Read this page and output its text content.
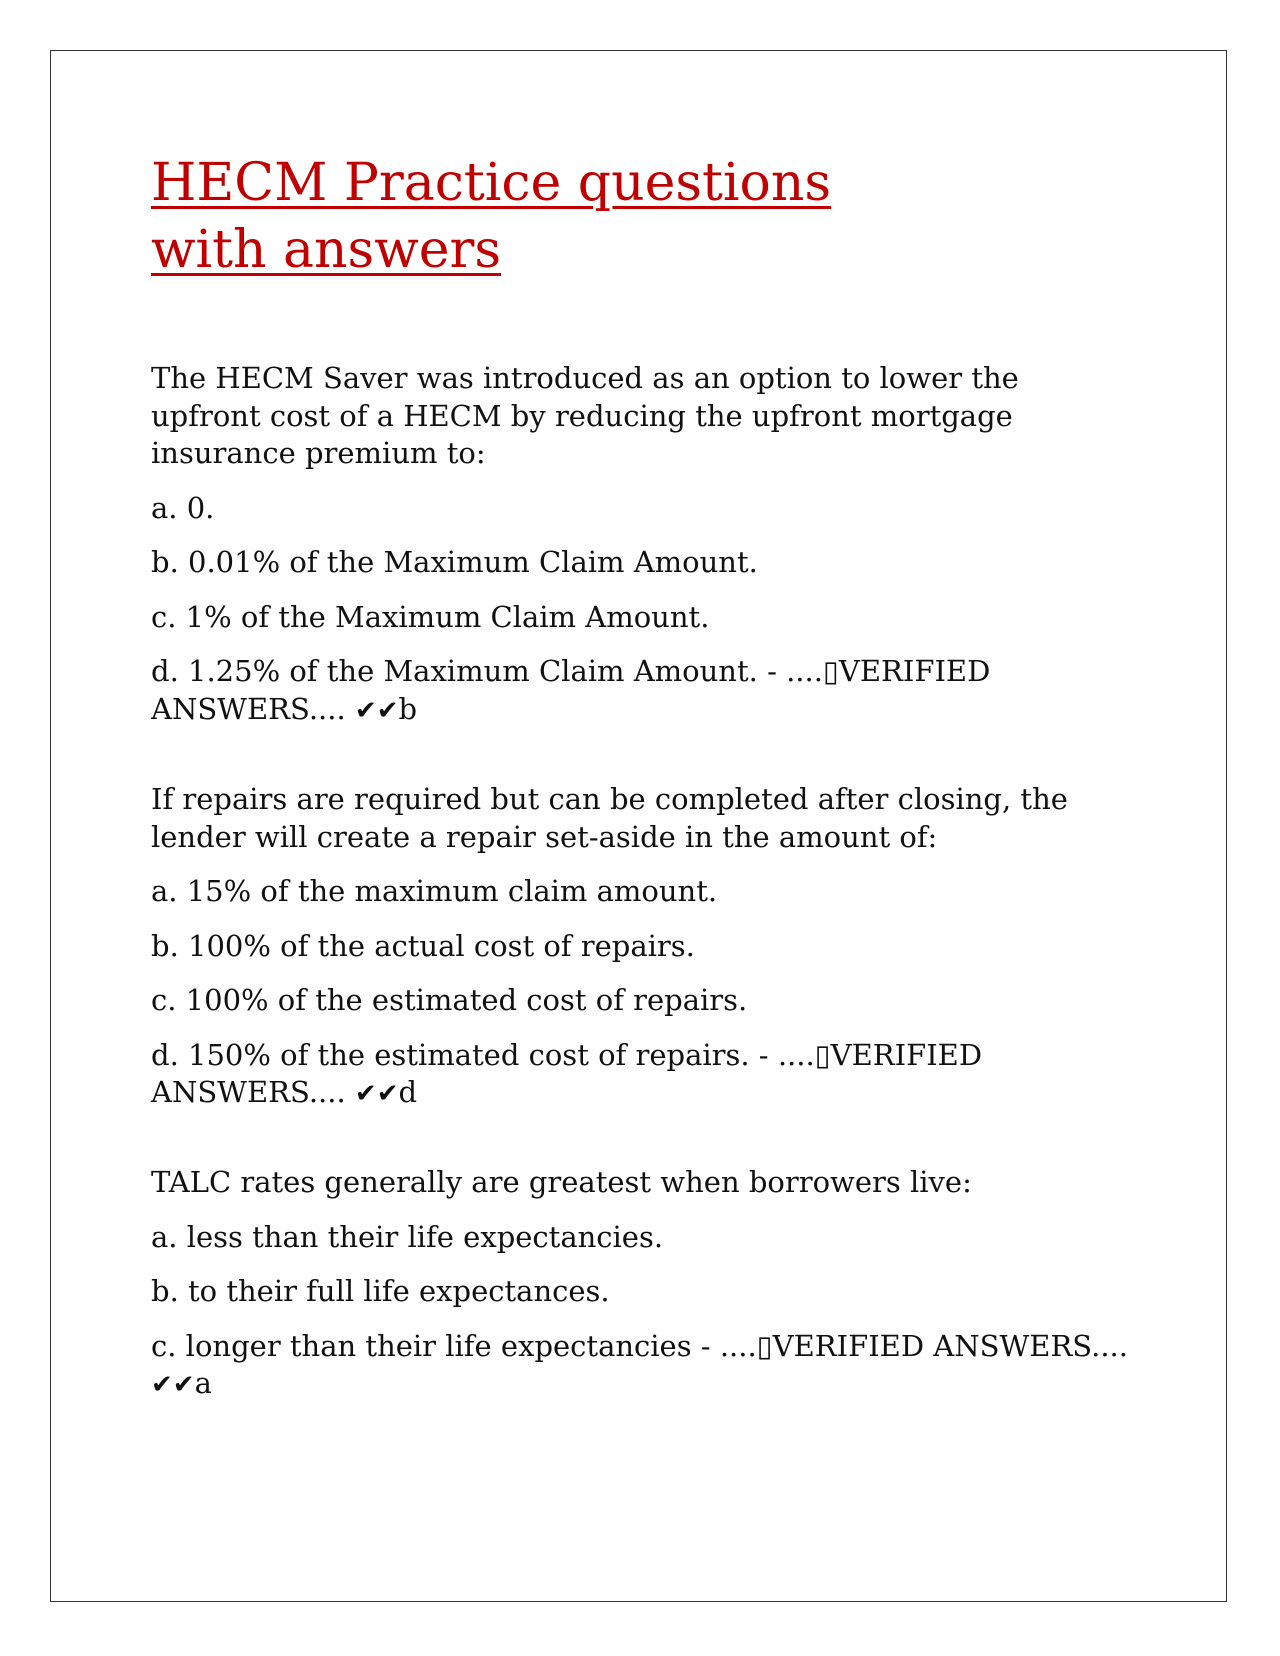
HECM Practice questions with answers

The HECM Saver was introduced as an option to lower the upfront cost of a HECM by reducing the upfront mortgage insurance premium to:

a. 0.

b. 0.01% of the Maximum Claim Amount.

c. 1% of the Maximum Claim Amount.

d. 1.25% of the Maximum Claim Amount. - ....▯VERIFIED ANSWERS.... ✔✔b

If repairs are required but can be completed after closing, the lender will create a repair set-aside in the amount of:

a. 15% of the maximum claim amount.

b. 100% of the actual cost of repairs.

c. 100% of the estimated cost of repairs.

d. 150% of the estimated cost of repairs. - ....▯VERIFIED ANSWERS.... ✔✔d

TALC rates generally are greatest when borrowers live:

a. less than their life expectancies.

b. to their full life expectances.

c. longer than their life expectancies - ....▯VERIFIED ANSWERS.... ✔✔a
